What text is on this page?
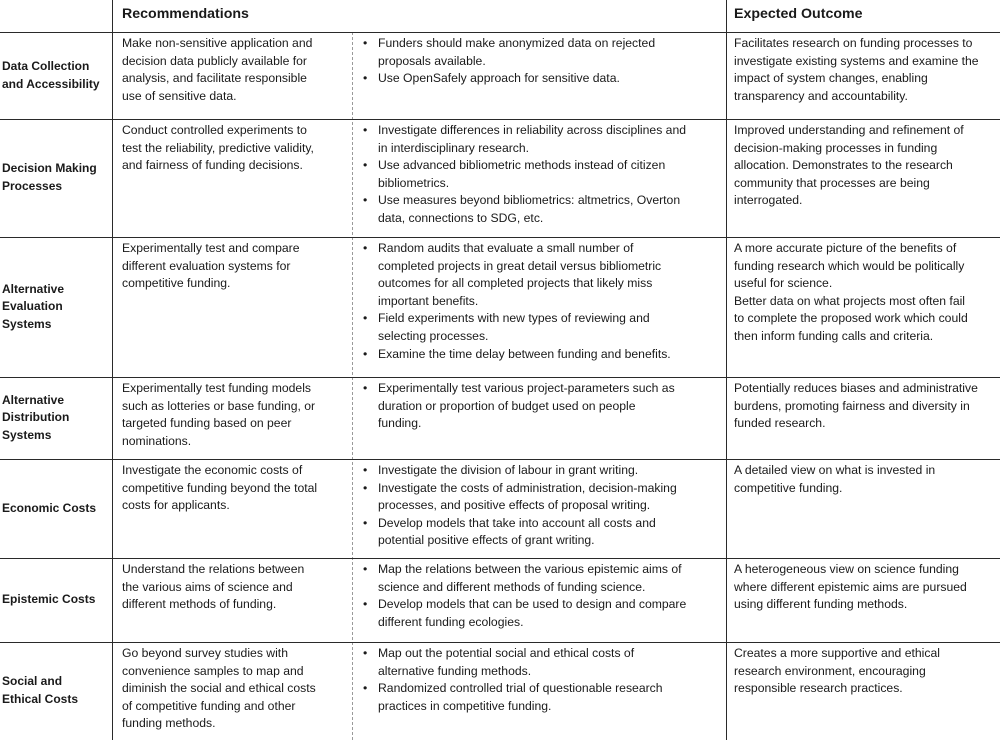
Recommendations	Expected Outcome
Data Collection
and Accessibility
Make non-sensitive application and
decision data publicly available for
analysis, and facilitate responsible
use of sensitive data.
• Funders should make anonymized data on rejected
proposals available.
• Use OpenSafely approach for sensitive data.
Facilitates research on funding processes to
investigate existing systems and examine the
impact of system changes, enabling
transparency and accountability.
Decision Making
Processes
Conduct controlled experiments to
test the reliability, predictive validity,
and fairness of funding decisions.
• Investigate differences in reliability across disciplines and
in interdisciplinary research.
• Use advanced bibliometric methods instead of citizen
bibliometrics.
• Use measures beyond bibliometrics: altmetrics, Overton
data, connections to SDG, etc.
Improved understanding and refinement of
decision-making processes in funding
allocation. Demonstrates to the research
community that processes are being
interrogated.
Alternative
Evaluation
Systems
Experimentally test and compare
different evaluation systems for
competitive funding.
• Random audits that evaluate a small number of
completed projects in great detail versus bibliometric
outcomes for all completed projects that likely miss
important benefits.
• Field experiments with new types of reviewing and
selecting processes.
• Examine the time delay between funding and benefits.
A more accurate picture of the benefits of
funding research which would be politically
useful for science.
Better data on what projects most often fail
to complete the proposed work which could
then inform funding calls and criteria.
Alternative
Distribution
Systems
Experimentally test funding models
such as lotteries or base funding, or
targeted funding based on peer
nominations.
• Experimentally test various project-parameters such as
duration or proportion of budget used on people
funding.
Potentially reduces biases and administrative
burdens, promoting fairness and diversity in
funded research.
Economic Costs
Investigate the economic costs of
competitive funding beyond the total
costs for applicants.
• Investigate the division of labour in grant writing.
• Investigate the costs of administration, decision-making
processes, and positive effects of proposal writing.
• Develop models that take into account all costs and
potential positive effects of grant writing.
A detailed view on what is invested in
competitive funding.
Epistemic Costs
Understand the relations between
the various aims of science and
different methods of funding.
• Map the relations between the various epistemic aims of
science and different methods of funding science.
• Develop models that can be used to design and compare
different funding ecologies.
A heterogeneous view on science funding
where different epistemic aims are pursued
using different funding methods.
Social and
Ethical Costs
Go beyond survey studies with
convenience samples to map and
diminish the social and ethical costs
of competitive funding and other
funding methods.
• Map out the potential social and ethical costs of
alternative funding methods.
• Randomized controlled trial of questionable research
practices in competitive funding.
Creates a more supportive and ethical
research environment, encouraging
responsible research practices.
